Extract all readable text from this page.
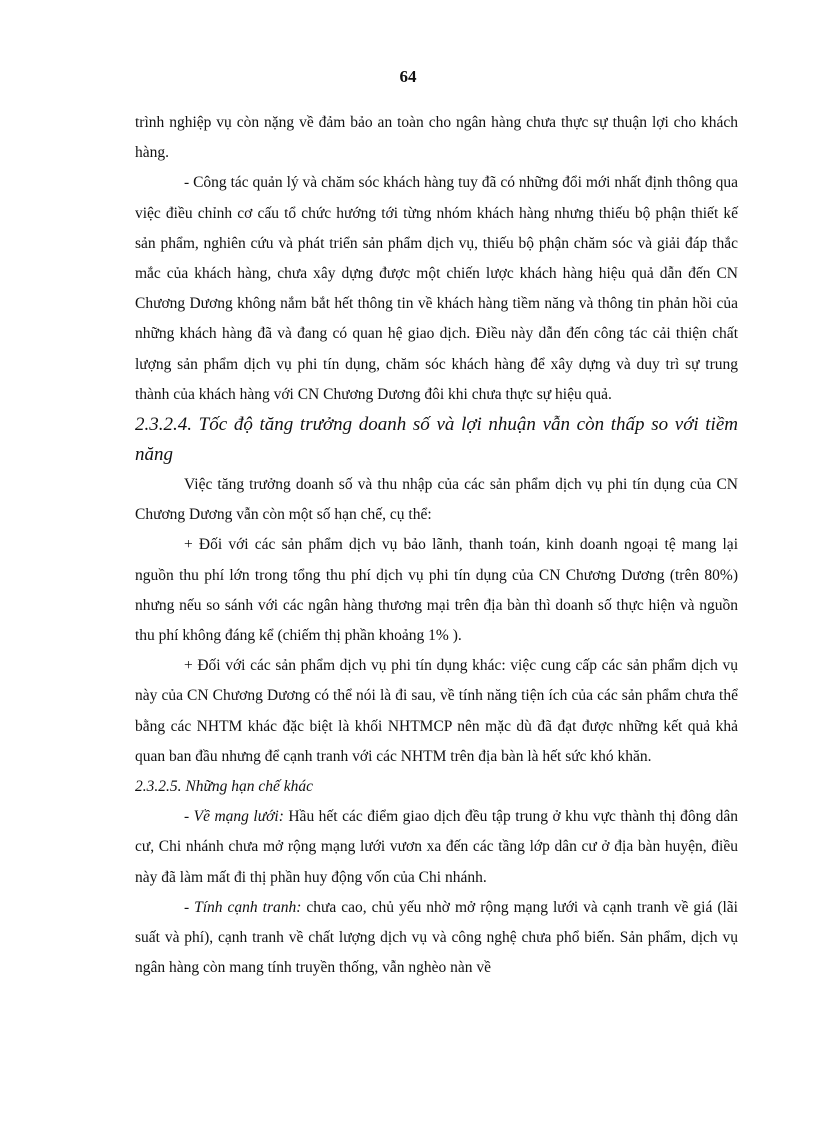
64

trình nghiệp vụ còn nặng về đảm bảo an toàn cho ngân hàng chưa thực sự thuận lợi cho khách hàng.

- Công tác quản lý và chăm sóc khách hàng tuy đã có những đổi mới nhất định thông qua việc điều chỉnh cơ cấu tổ chức hướng tới từng nhóm khách hàng nhưng thiếu bộ phận thiết kế sản phẩm, nghiên cứu và phát triển sản phẩm dịch vụ, thiếu bộ phận chăm sóc và giải đáp thắc mắc của khách hàng, chưa xây dựng được một chiến lược khách hàng hiệu quả dẫn đến CN Chương Dương không nắm bắt hết thông tin về khách hàng tiềm năng và thông tin phản hồi của những khách hàng đã và đang có quan hệ giao dịch. Điều này dẫn đến công tác cải thiện chất lượng sản phẩm dịch vụ phi tín dụng, chăm sóc khách hàng để xây dựng và duy trì sự trung thành của khách hàng với CN Chương Dương đôi khi chưa thực sự hiệu quả.

2.3.2.4. Tốc độ tăng trưởng doanh số và lợi nhuận vẫn còn thấp so với tiềm năng

Việc tăng trưởng doanh số và thu nhập của các sản phẩm dịch vụ phi tín dụng của CN Chương Dương vẫn còn một số hạn chế, cụ thể:

+ Đối với các sản phẩm dịch vụ bảo lãnh, thanh toán, kinh doanh ngoại tệ mang lại nguồn thu phí lớn trong tổng thu phí dịch vụ phi tín dụng của CN Chương Dương (trên 80%) nhưng nếu so sánh với các ngân hàng thương mại trên địa bàn thì doanh số thực hiện và nguồn thu phí không đáng kể (chiếm thị phần khoảng 1% ).

+ Đối với các sản phẩm dịch vụ phi tín dụng khác: việc cung cấp các sản phẩm dịch vụ này của CN Chương Dương có thể nói là đi sau, về tính năng tiện ích của các sản phẩm chưa thể bằng các NHTM khác đặc biệt là khối NHTMCP nên mặc dù đã đạt được những kết quả khả quan ban đầu nhưng để cạnh tranh với các NHTM trên địa bàn là hết sức khó khăn.

2.3.2.5. Những hạn chế khác

- Về mạng lưới: Hầu hết các điểm giao dịch đều tập trung ở khu vực thành thị đông dân cư, Chi nhánh chưa mở rộng mạng lưới vươn xa đến các tầng lớp dân cư ở địa bàn huyện, điều này đã làm mất đi thị phần huy động vốn của Chi nhánh.

- Tính cạnh tranh: chưa cao, chủ yếu nhờ mở rộng mạng lưới và cạnh tranh về giá (lãi suất và phí), cạnh tranh về chất lượng dịch vụ và công nghệ chưa phổ biến. Sản phẩm, dịch vụ ngân hàng còn mang tính truyền thống, vẫn nghèo nàn về
